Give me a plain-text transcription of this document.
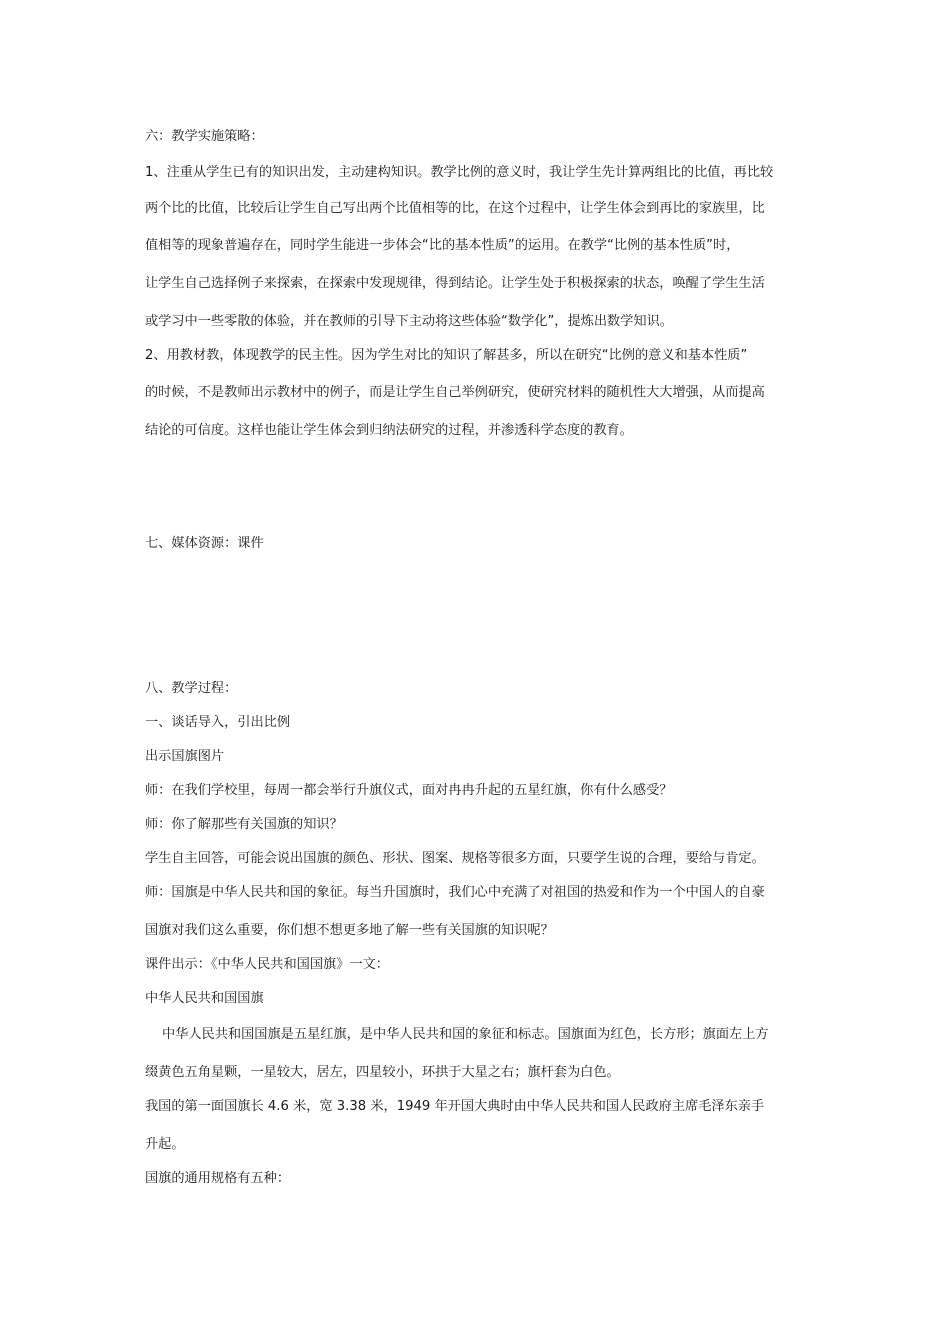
六：教学实施策略：
1、注重从学生已有的知识出发，主动建构知识。教学比例的意义时，我让学生先计算两组比的比值，再比较
两个比的比值，比较后让学生自己写出两个比值相等的比，在这个过程中，让学生体会到再比的家族里，比
值相等的现象普遍存在，同时学生能进一步体会“比的基本性质”的运用。在教学“比例的基本性质”时，
让学生自己选择例子来探索，在探索中发现规律，得到结论。让学生处于积极探索的状态，唤醒了学生生活
或学习中一些零散的体验，并在教师的引导下主动将这些体验“数学化”，提炼出数学知识。
2、用教材教，体现教学的民主性。因为学生对比的知识了解甚多，所以在研究“比例的意义和基本性质”
的时候，不是教师出示教材中的例子，而是让学生自己举例研究，使研究材料的随机性大大增强，从而提高
结论的可信度。这样也能让学生体会到归纳法研究的过程，并渗透科学态度的教育。
七、媒体资源：课件
八、教学过程：
一、谈话导入，引出比例
出示国旗图片
师：在我们学校里，每周一都会举行升旗仪式，面对冉冉升起的五星红旗，你有什么感受？
师：你了解那些有关国旗的知识？
学生自主回答，可能会说出国旗的颜色、形状、图案、规格等很多方面，只要学生说的合理，要给与肯定。
师：国旗是中华人民共和国的象征。每当升国旗时，我们心中充满了对祖国的热爱和作为一个中国人的自豪
国旗对我们这么重要，你们想不想更多地了解一些有关国旗的知识呢？
课件出示：《中华人民共和国国旗》一文：
中华人民共和国国旗
中华人民共和国国旗是五星红旗，是中华人民共和国的象征和标志。国旗面为红色，长方形；旗面左上方
缀黄色五角星颗，一星较大，居左，四星较小，环拱于大星之右；旗杆套为白色。
我国的第一面国旗长 4.6 米，宽 3.38 米，1949 年开国大典时由中华人民共和国人民政府主席毛泽东亲手
升起。
国旗的通用规格有五种：
